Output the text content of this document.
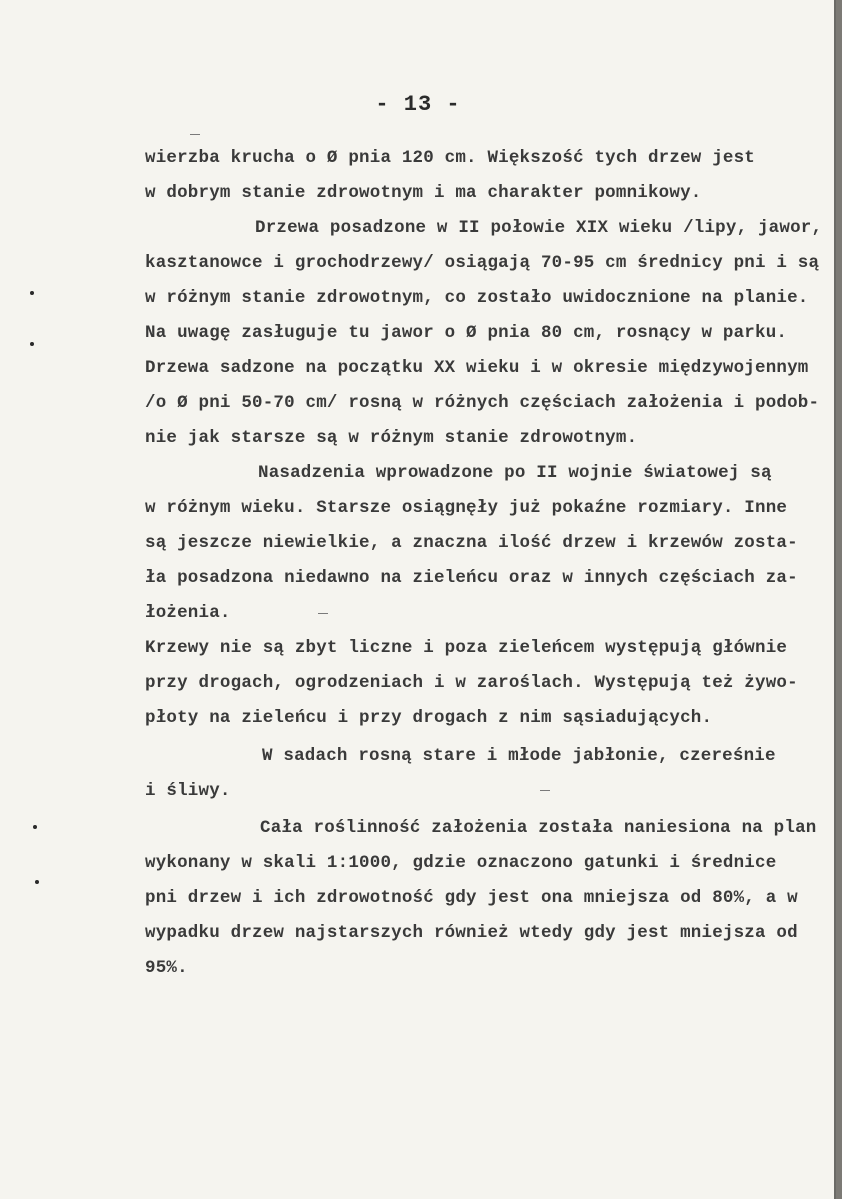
- 13 -
wierzba krucha o Ø pnia 120 cm. Większość tych drzew jest
w dobrym stanie zdrowotnym i ma charakter pomnikowy.
Drzewa posadzone w II połowie XIX wieku /lipy, jawor,
kasztanowce i grochodrzewy/ osiągają 70-95 cm średnicy pni i są
w różnym stanie zdrowotnym, co zostało uwidocznione na planie.
Na uwagę zasługuje tu jawor o Ø pnia 80 cm, rosnący w parku.
Drzewa sadzone na początku XX wieku i w okresie międzywojennym
/o Ø pni 50-70 cm/ rosną w różnych częściach założenia i podob-
nie jak starsze są w różnym stanie zdrowotnym.
Nasadzenia wprowadzone po II wojnie światowej są
w różnym wieku. Starsze osiągnęły już pokaźne rozmiary. Inne
są jeszcze niewielkie, a znaczna ilość drzew i krzewów zosta-
ła posadzona niedawno na zieleńcu oraz w innych częściach za-
łożenia.
Krzewy nie są zbyt liczne i poza zieleńcem występują głównie
przy drogach, ogrodzeniach i w zaroślach. Występują też żywo-
płoty na zieleńcu i przy drogach z nim sąsiadujących.
W sadach rosną stare i młode jabłonie, czereśnie
i śliwy.
Cała roślinność założenia została naniesiona na plan
wykonany w skali 1:1000, gdzie oznaczono gatunki i średnice
pni drzew i ich zdrowotność gdy jest ona mniejsza od 80%, a w
wypadku drzew najstarszych również wtedy gdy jest mniejsza od
95%.
